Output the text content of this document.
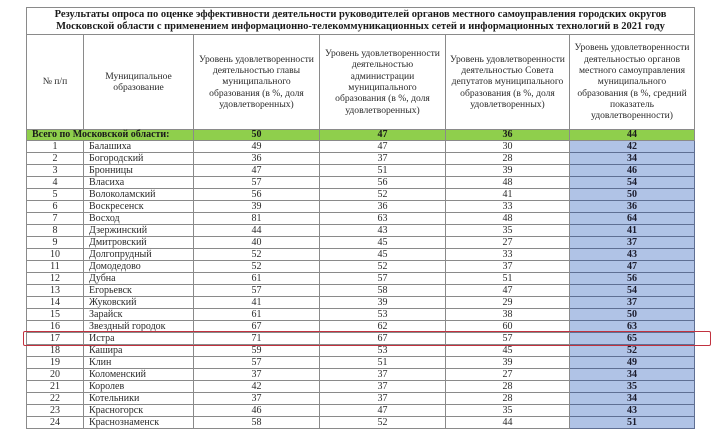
Результаты опроса по оценке эффективности деятельности руководителей органов местного самоуправления городских округов Московской области с применением информационно-телекоммуникационных сетей и информационных технологий в 2021 году					
№ п/п	Муниципальное образование	Уровень удовлетворенности деятельностью главы муниципального образования (в %, доля удовлетворенных)	Уровень удовлетворенности деятельностью администрации муниципального образования (в %, доля удовлетворенных)	Уровень удовлетворенности деятельностью Совета депутатов муниципального образования (в %, доля удовлетворенных)	Уровень удовлетворенности деятельностью органов местного самоуправления муниципального образования (в %, средний показатель удовлетворенности)
Всего по Московской области:		50	47	36	44
1	Балашиха	49	47	30	42
2	Богородский	36	37	28	34
3	Бронницы	47	51	39	46
4	Власиха	57	56	48	54
5	Волоколамский	56	52	41	50
6	Воскресенск	39	36	33	36
7	Восход	81	63	48	64
8	Дзержинский	44	43	35	41
9	Дмитровский	40	45	27	37
10	Долгопрудный	52	45	33	43
11	Домодедово	52	52	37	47
12	Дубна	61	57	51	56
13	Егорьевск	57	58	47	54
14	Жуковский	41	39	29	37
15	Зарайск	61	53	38	50
16	Звездный городок	67	62	60	63
17	Истра	71	67	57	65
18	Кашира	59	53	45	52
19	Клин	57	51	39	49
20	Коломенский	37	37	27	34
21	Королев	42	37	28	35
22	Котельники	37	37	28	34
23	Красногорск	46	47	35	43
24	Краснознаменск	58	52	44	51
